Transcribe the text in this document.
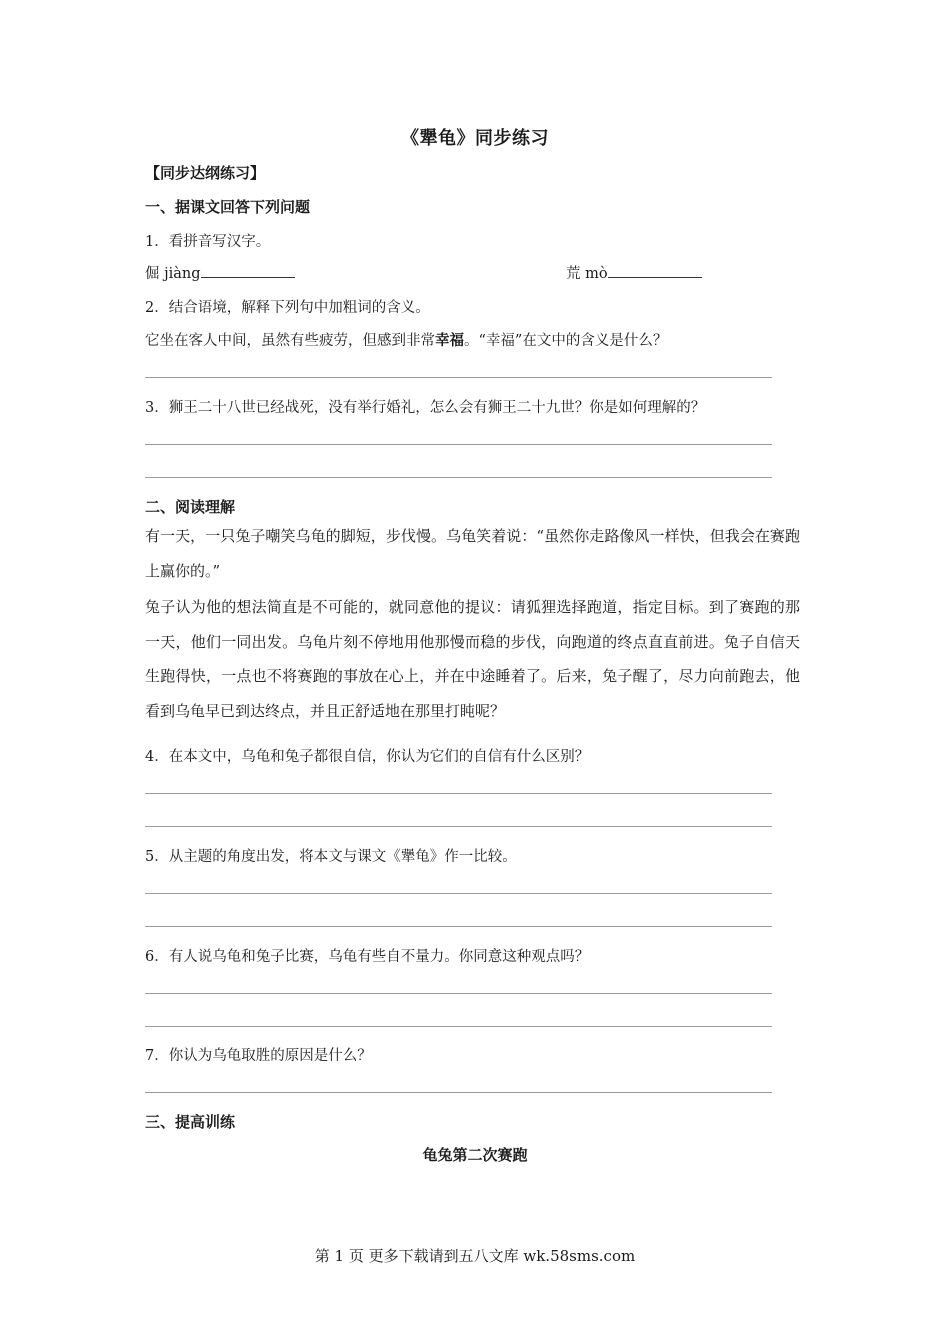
《犟龟》同步练习
【同步达纲练习】
一、据课文回答下列问题
1．看拼音写汉字。
倔 jiàng	荒 mò
2．结合语境，解释下列句中加粗词的含义。
它坐在客人中间，虽然有些疲劳，但感到非常幸福。“幸福”在文中的含义是什么？
3．狮王二十八世已经战死，没有举行婚礼，怎么会有狮王二十九世？你是如何理解的？
二、阅读理解
有一天，一只兔子嘲笑乌龟的脚短，步伐慢。乌龟笑着说：“虽然你走路像风一样快，但我会在赛跑上赢你的。”
兔子认为他的想法简直是不可能的，就同意他的提议：请狐狸选择跑道，指定目标。到了赛跑的那一天，他们一同出发。乌龟片刻不停地用他那慢而稳的步伐，向跑道的终点直直前进。兔子自信天生跑得快，一点也不将赛跑的事放在心上，并在中途睡着了。后来，兔子醒了，尽力向前跑去，他看到乌龟早已到达终点，并且正舒适地在那里打盹呢？
4．在本文中，乌龟和兔子都很自信，你认为它们的自信有什么区别？
5．从主题的角度出发，将本文与课文《犟龟》作一比较。
6．有人说乌龟和兔子比赛，乌龟有些自不量力。你同意这种观点吗？
7．你认为乌龟取胜的原因是什么？
三、提高训练
龟兔第二次赛跑
第 1 页 更多下载请到五八文库 wk.58sms.com
